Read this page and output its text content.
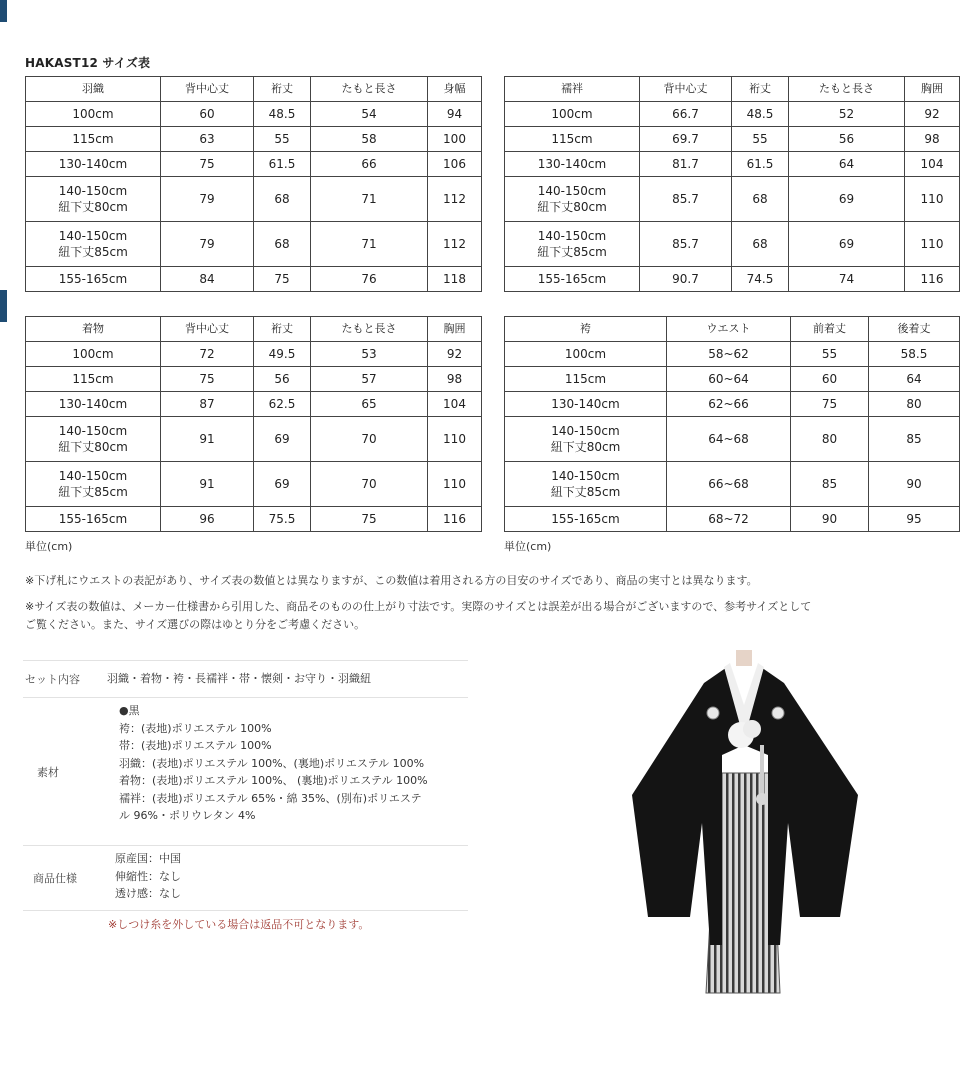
HAKAST12 サイズ表
羽織	背中心丈	裄丈	たもと長さ	身幅
100cm	60	48.5	54	94
115cm	63	55	58	100
130-140cm	75	61.5	66	106
140-150cm
紐下丈80cm	79	68	71	112
140-150cm
紐下丈85cm	79	68	71	112
155-165cm	84	75	76	118
襦袢	背中心丈	裄丈	たもと長さ	胸囲
100cm	66.7	48.5	52	92
115cm	69.7	55	56	98
130-140cm	81.7	61.5	64	104
140-150cm
紐下丈80cm	85.7	68	69	110
140-150cm
紐下丈85cm	85.7	68	69	110
155-165cm	90.7	74.5	74	116
着物	背中心丈	裄丈	たもと長さ	胸囲
100cm	72	49.5	53	92
115cm	75	56	57	98
130-140cm	87	62.5	65	104
140-150cm
紐下丈80cm	91	69	70	110
140-150cm
紐下丈85cm	91	69	70	110
155-165cm	96	75.5	75	116
袴	ウエスト	前着丈	後着丈
100cm	58~62	55	58.5
115cm	60~64	60	64
130-140cm	62~66	75	80
140-150cm
紐下丈80cm	64~68	80	85
140-150cm
紐下丈85cm	66~68	85	90
155-165cm	68~72	90	95
単位(cm)	単位(cm)
※下げ札にウエストの表記があり、サイズ表の数値とは異なりますが、この数値は着用される方の目安のサイズであり、商品の実寸とは異なります。
※サイズ表の数値は、メーカー仕様書から引用した、商品そのものの仕上がり寸法です。実際のサイズとは誤差が出る場合がございますので、参考サイズとして
ご覧ください。また、サイズ選びの際はゆとり分をご考慮ください。
セット内容	羽織・着物・袴・長襦袢・帯・懐剣・お守り・羽織紐
素材
●黒
袴：(表地)ポリエステル 100%
帯：(表地)ポリエステル 100%
羽織：(表地)ポリエステル 100%、(裏地)ポリエステル 100%
着物：(表地)ポリエステル 100%、 (裏地)ポリエステル 100%
襦袢：(表地)ポリエステル 65%・綿 35%、(別布)ポリエステ
ル 96%・ポリウレタン 4%
商品仕様
原産国：中国
伸縮性：なし
透け感：なし
※しつけ糸を外している場合は返品不可となります。
